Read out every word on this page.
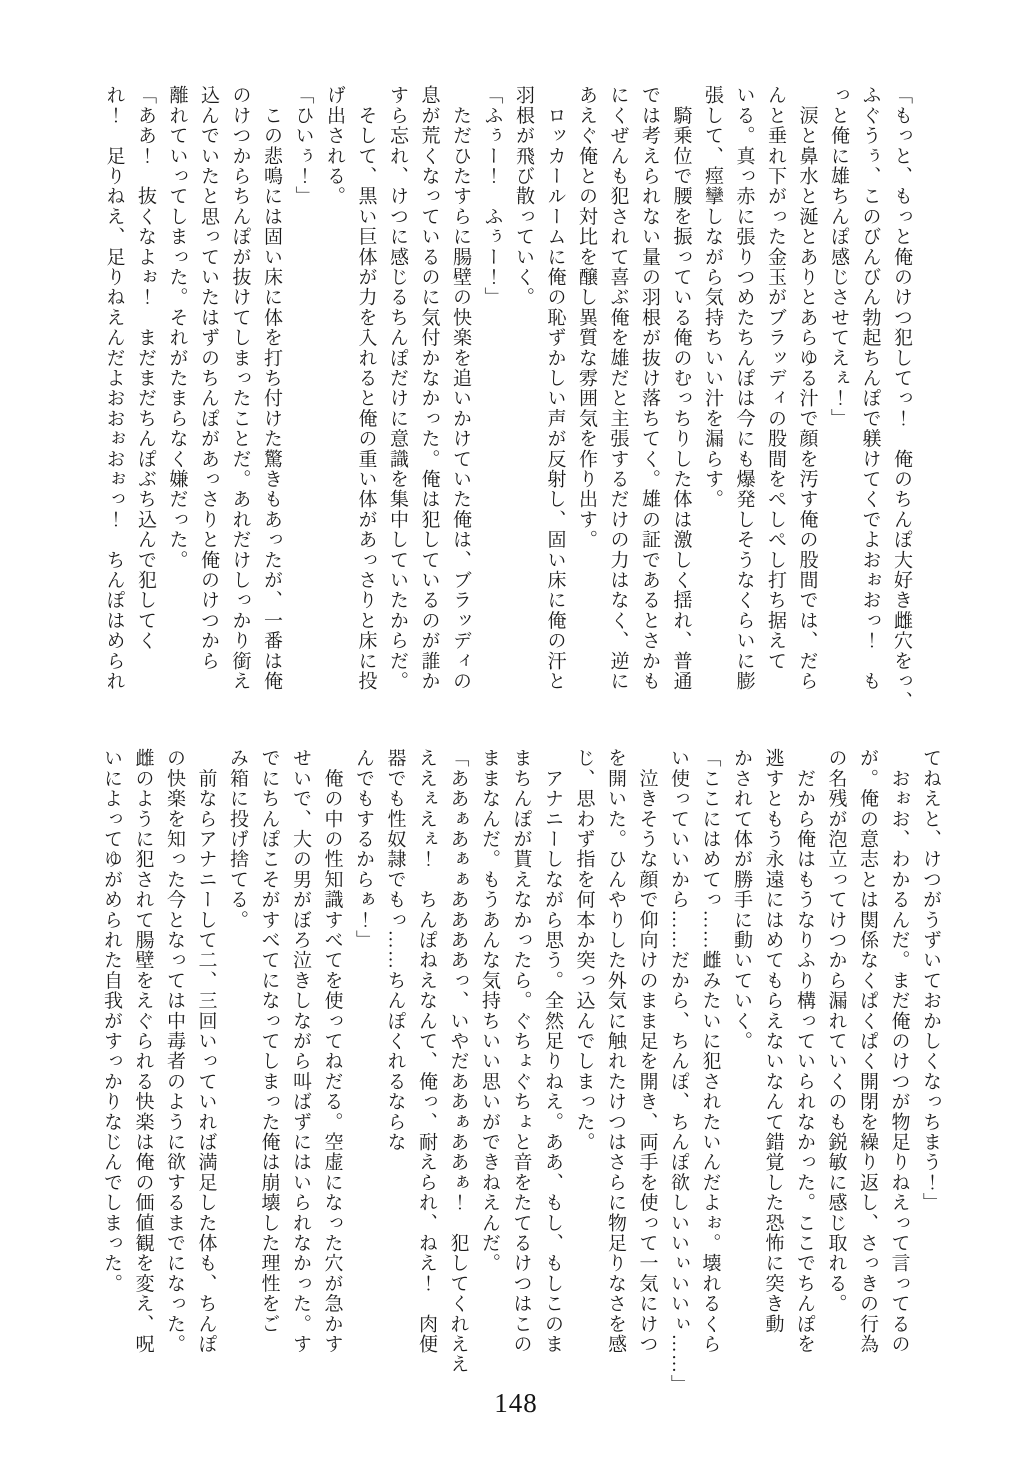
「もっと、もっと俺のけつ犯してっ！　俺のちんぽ大好き雌穴をっ、
ふぐうぅ、このびんびん勃起ちんぽで躾けてくでよおぉおっ！　も
っと俺に雄ちんぽ感じさせてえぇ！」
　涙と鼻水と涎とありとあらゆる汁で顔を汚す俺の股間では、だら
んと垂れ下がった金玉がブラッディの股間をぺしぺし打ち据えて
いる。真っ赤に張りつめたちんぽは今にも爆発しそうなくらいに膨
張して、痙攣しながら気持ちいい汁を漏らす。
　騎乗位で腰を振っている俺のむっちりした体は激しく揺れ、普通
では考えられない量の羽根が抜け落ちてく。雄の証であるとさかも
にくぜんも犯されて喜ぶ俺を雄だと主張するだけの力はなく、逆に
あえぐ俺との対比を醸し異質な雰囲気を作り出す。
　ロッカールームに俺の恥ずかしい声が反射し、固い床に俺の汗と
羽根が飛び散っていく。
「ふぅー！　ふぅー！」
　ただひたすらに腸壁の快楽を追いかけていた俺は、ブラッディの
息が荒くなっているのに気付かなかった。俺は犯しているのが誰か
すら忘れ、けつに感じるちんぽだけに意識を集中していたからだ。
　そして、黒い巨体が力を入れると俺の重い体があっさりと床に投
げ出される。
「ひいぅ！」
　この悲鳴には固い床に体を打ち付けた驚きもあったが、一番は俺
のけつからちんぽが抜けてしまったことだ。あれだけしっかり銜え
込んでいたと思っていたはずのちんぽがあっさりと俺のけつから
離れていってしまった。それがたまらなく嫌だった。
「ああ！　抜くなよぉ！　まだまだちんぽぶち込んで犯してく
れ！　足りねえ、足りねえんだよおおぉおぉっ！　ちんぽはめられ
てねえと、けつがうずいておかしくなっちまう！」
　おぉお、わかるんだ。まだ俺のけつが物足りねえって言ってるの
が。俺の意志とは関係なくぱくぱく開閉を繰り返し、さっきの行為
の名残が泡立ってけつから漏れていくのも鋭敏に感じ取れる。
　だから俺はもうなりふり構っていられなかった。ここでちんぽを
逃すともう永遠にはめてもらえないなんて錯覚した恐怖に突き動
かされて体が勝手に動いていく。
「ここにはめてっ……雌みたいに犯されたいんだよぉ。壊れるくら
い使っていいから……だから、ちんぽ、ちんぽ欲しいいぃいいぃ……」
　泣きそうな顔で仰向けのまま足を開き、両手を使って一気にけつ
を開いた。ひんやりした外気に触れたけつはさらに物足りなさを感
じ、思わず指を何本か突っ込んでしまった。
　アナニーしながら思う。全然足りねえ。ああ、もし、もしこのま
まちんぽが貰えなかったら。ぐちょぐちょと音をたてるけつはこの
ままなんだ。もうあんな気持ちいい思いができねえんだ。
「ああぁあぁぁああああっ、いやだああぁああぁ！　犯してくれええ
ええぇえぇ！　ちんぽねえなんて、俺っ、耐えられ、ねえ！　肉便
器でも性奴隷でもっ……ちんぽくれるならな
んでもするからぁ！」
　俺の中の性知識すべてを使ってねだる。空虚になった穴が急かす
せいで、大の男がぼろ泣きしながら叫ばずにはいられなかった。す
でにちんぽこそがすべてになってしまった俺は崩壊した理性をご
み箱に投げ捨てる。
　前ならアナニーして二、三回いっていれば満足した体も、ちんぽ
の快楽を知った今となっては中毒者のように欲するまでになった。
雌のように犯されて腸壁をえぐられる快楽は俺の価値観を変え、呪
いによってゆがめられた自我がすっかりなじんでしまった。
148
